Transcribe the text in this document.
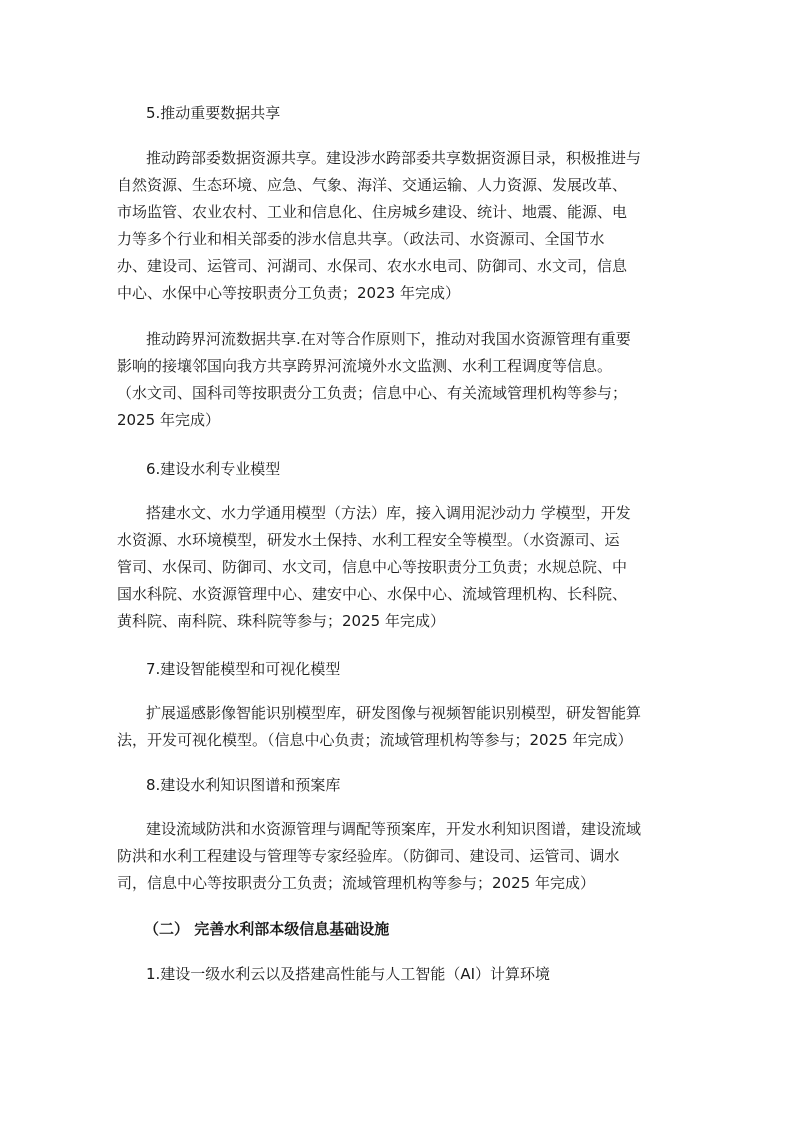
5.推动重要数据共享
推动跨部委数据资源共享。建设涉水跨部委共享数据资源目录，积极推进与
自然资源、生态环境、应急、气象、海洋、交通运输、人力资源、发展改革、
市场监管、农业农村、工业和信息化、住房城乡建设、统计、地震、能源、电
力等多个行业和相关部委的涉水信息共享。（政法司、水资源司、全国节水
办、建设司、运管司、河湖司、水保司、农水水电司、防御司、水文司，信息
中心、水保中心等按职责分工负责；2023 年完成）
推动跨界河流数据共享.在对等合作原则下，推动对我国水资源管理有重要
影响的接壤邻国向我方共享跨界河流境外水文监测、水利工程调度等信息。
（水文司、国科司等按职责分工负责；信息中心、有关流域管理机构等参与；
2025 年完成）
6.建设水利专业模型
搭建水文、水力学通用模型（方法）库，接入调用泥沙动力 学模型，开发
水资源、水环境模型，研发水土保持、水利工程安全等模型。（水资源司、运
管司、水保司、防御司、水文司，信息中心等按职责分工负责；水规总院、中
国水科院、水资源管理中心、建安中心、水保中心、流域管理机构、长科院、
黄科院、南科院、珠科院等参与；2025 年完成）
7.建设智能模型和可视化模型
扩展遥感影像智能识别模型库，研发图像与视频智能识别模型，研发智能算
法，开发可视化模型。（信息中心负责；流域管理机构等参与；2025 年完成）
8.建设水利知识图谱和预案库
建设流域防洪和水资源管理与调配等预案库，开发水利知识图谱，建设流域
防洪和水利工程建设与管理等专家经验库。（防御司、建设司、运管司、调水
司，信息中心等按职责分工负责；流域管理机构等参与；2025 年完成）
（二） 完善水利部本级信息基础设施
1.建设一级水利云以及搭建高性能与人工智能（AI）计算环境
